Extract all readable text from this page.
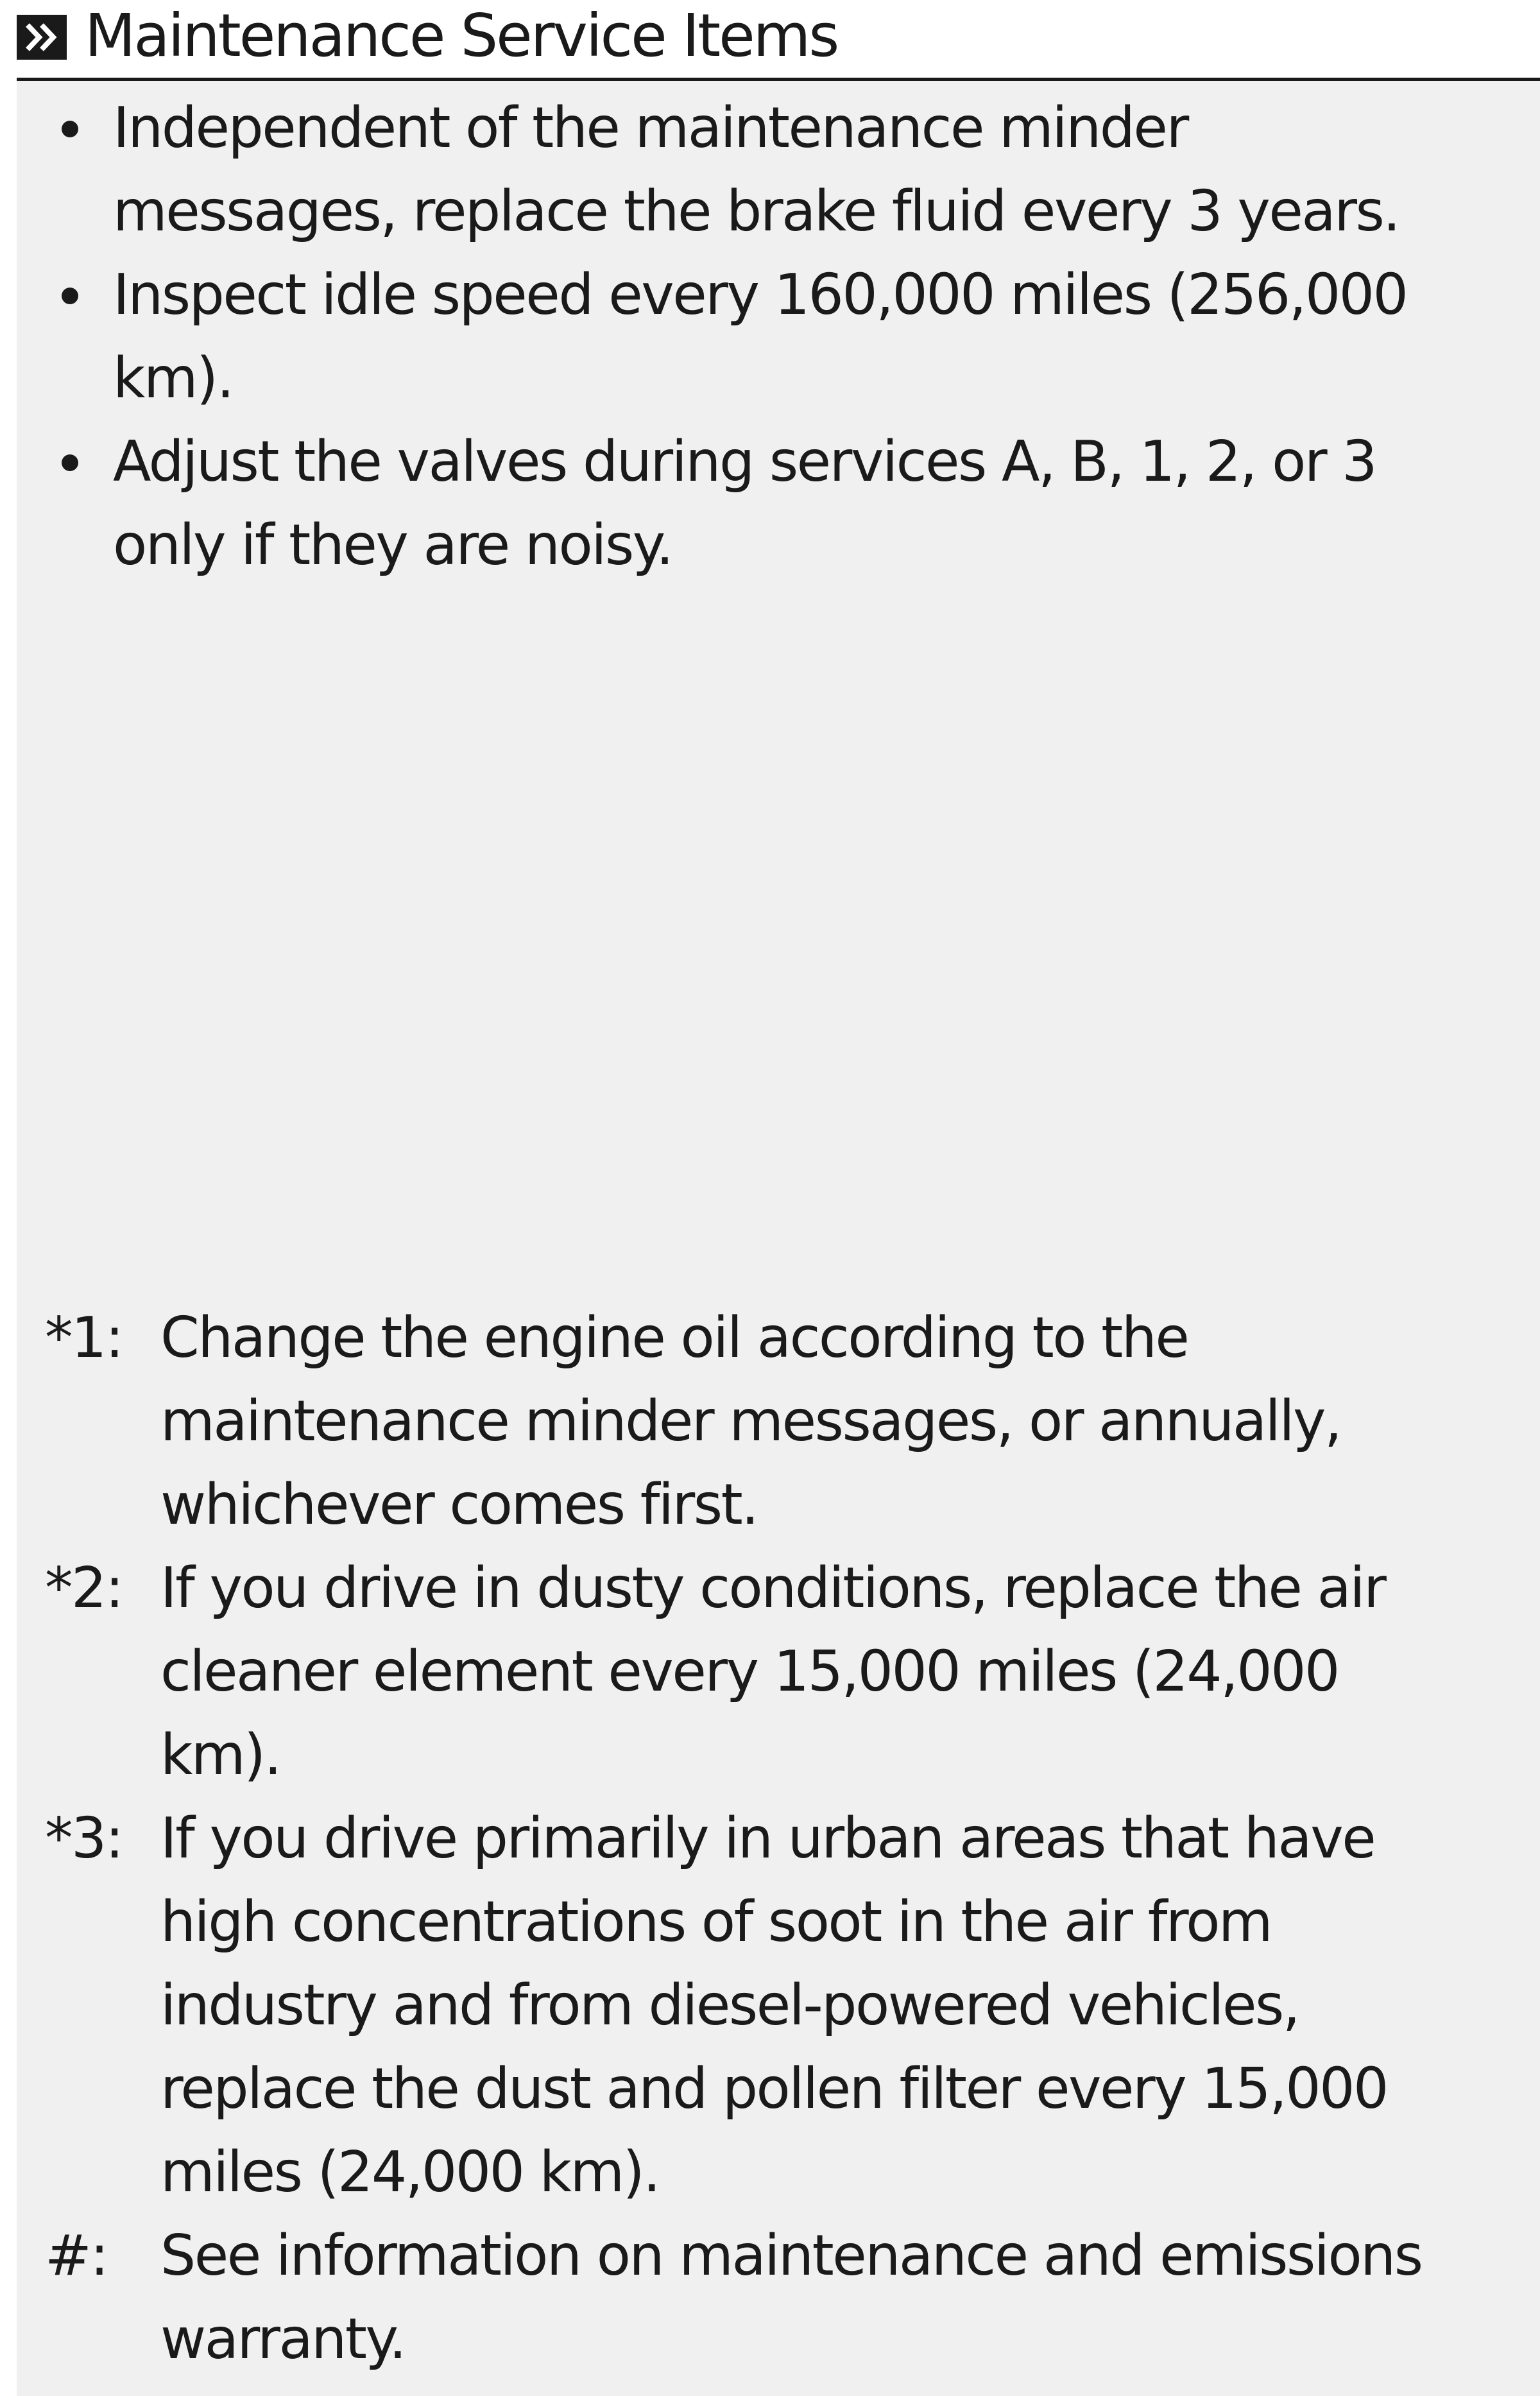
Maintenance Service Items
Independent of the maintenance minder
messages, replace the brake fluid every 3 years.
Inspect idle speed every 160,000 miles (256,000
km).
Adjust the valves during services A, B, 1, 2, or 3
only if they are noisy.
*1: Change the engine oil according to the
maintenance minder messages, or annually,
whichever comes first.
*2: If you drive in dusty conditions, replace the air
cleaner element every 15,000 miles (24,000
km).
*3: If you drive primarily in urban areas that have
high concentrations of soot in the air from
industry and from diesel-powered vehicles,
replace the dust and pollen filter every 15,000
miles (24,000 km).
#: See information on maintenance and emissions
warranty.
